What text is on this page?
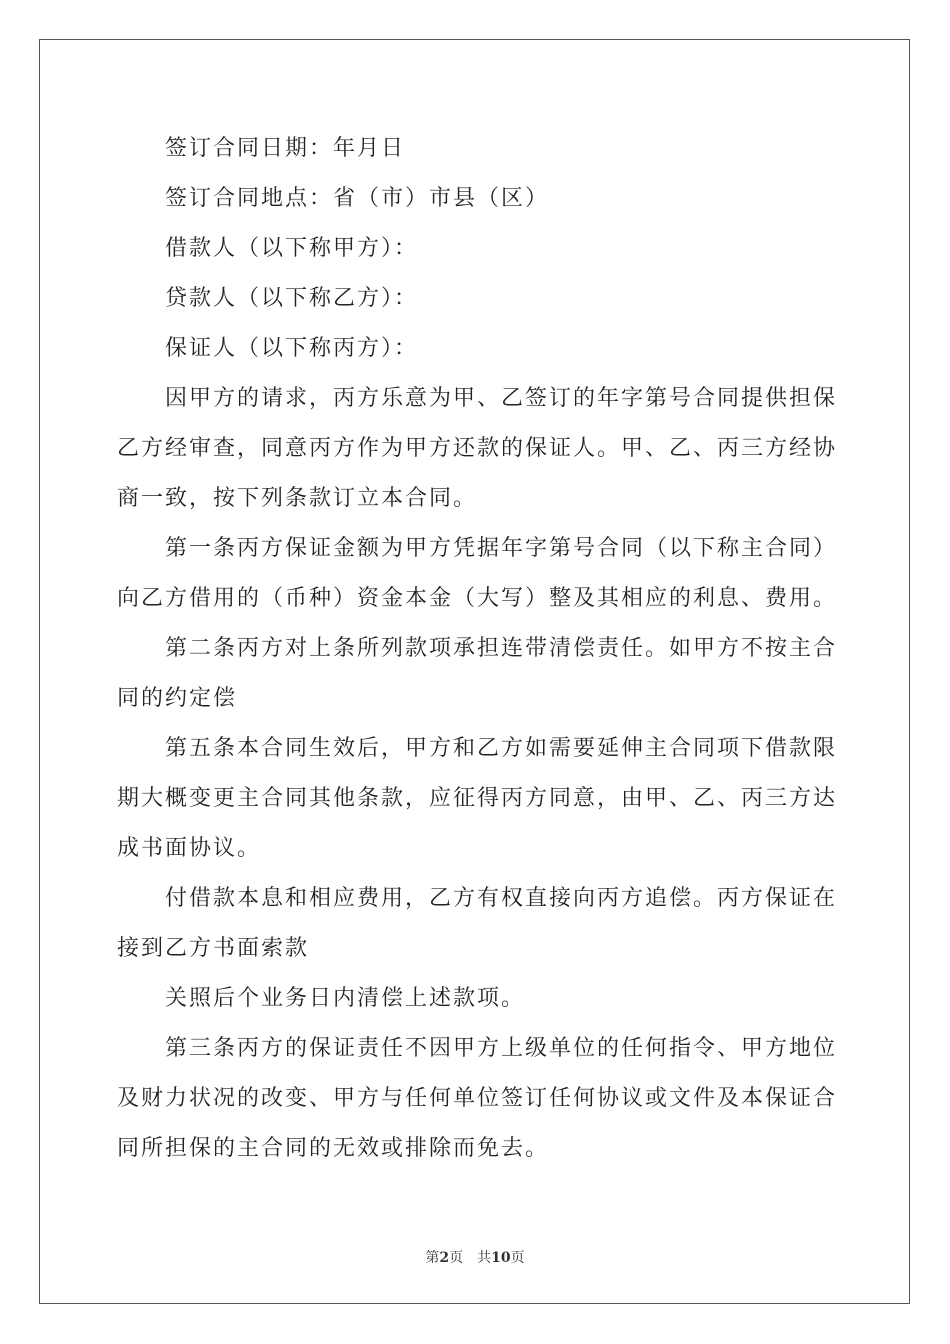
签订合同日期：年月日
签订合同地点：省（市）市县（区）
借款人（以下称甲方）：
贷款人（以下称乙方）：
保证人（以下称丙方）：
因甲方的请求，丙方乐意为甲、乙签订的年字第号合同提供担保
乙方经审查，同意丙方作为甲方还款的保证人。甲、乙、丙三方经协
商一致，按下列条款订立本合同。
第一条丙方保证金额为甲方凭据年字第号合同（以下称主合同）
向乙方借用的（币种）资金本金（大写）整及其相应的利息、费用。
第二条丙方对上条所列款项承担连带清偿责任。如甲方不按主合
同的约定偿
第五条本合同生效后，甲方和乙方如需要延伸主合同项下借款限
期大概变更主合同其他条款，应征得丙方同意，由甲、乙、丙三方达
成书面协议。
付借款本息和相应费用，乙方有权直接向丙方追偿。丙方保证在
接到乙方书面索款
关照后个业务日内清偿上述款项。
第三条丙方的保证责任不因甲方上级单位的任何指令、甲方地位
及财力状况的改变、甲方与任何单位签订任何协议或文件及本保证合
同所担保的主合同的无效或排除而免去。
第2页 共10页
